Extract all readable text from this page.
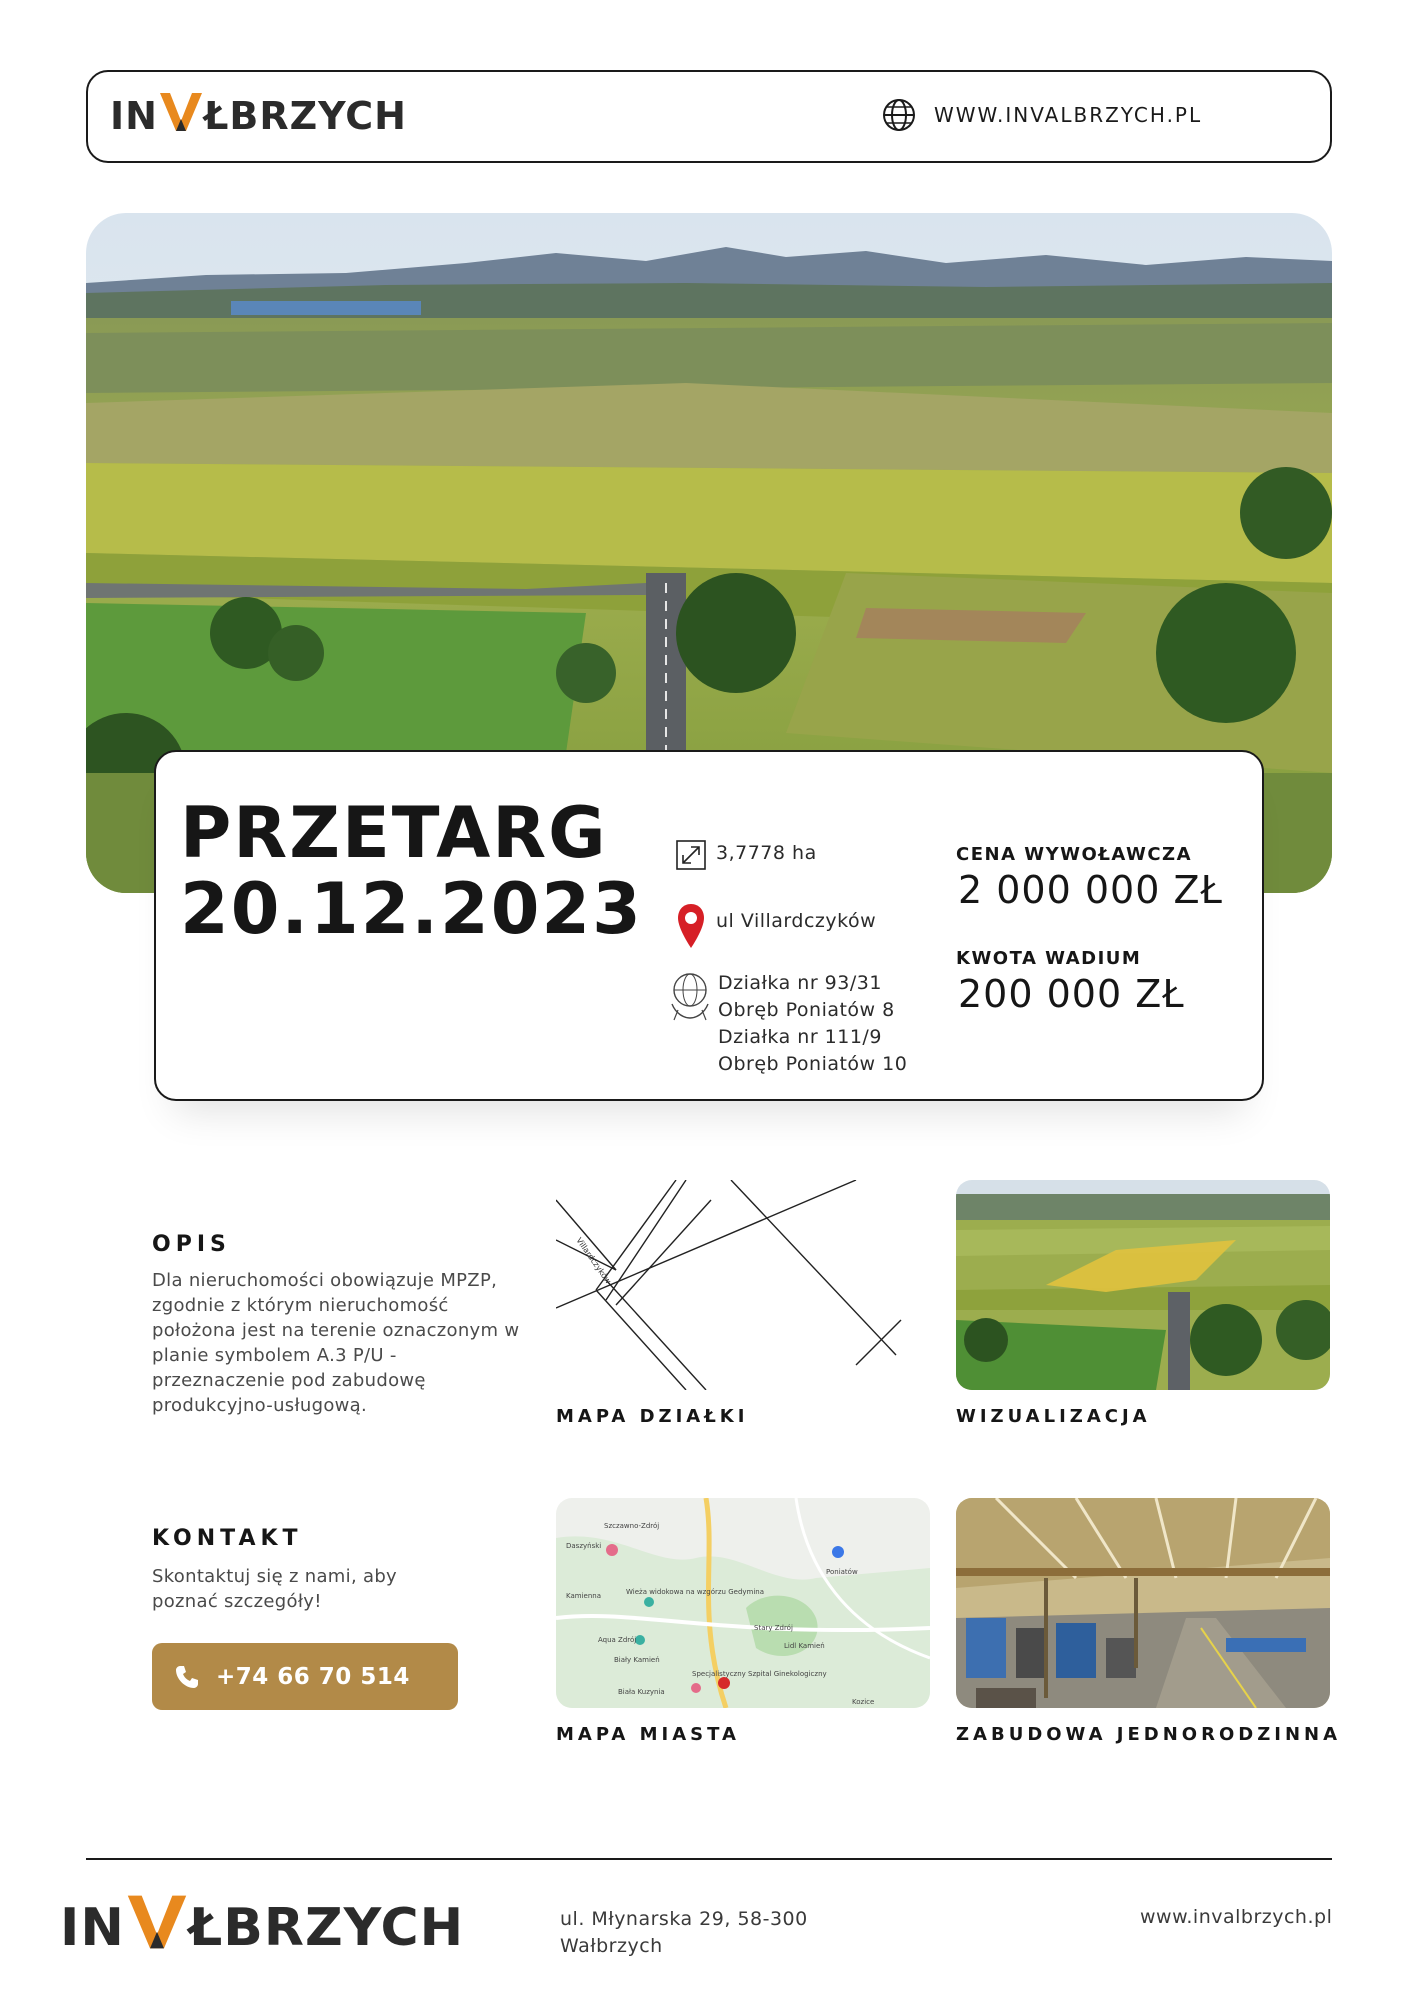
IN ŁBRZYCH	WWW.INVALBRZYCH.PL
PRZETARG
20.12.2023
3,7778 ha
ul Villardczyków
Działka nr 93/31
Obręb Poniatów 8
Działka nr 111/9
Obręb Poniatów 10
CENA WYWOŁAWCZA
2 000 000 ZŁ
KWOTA WADIUM
200 000 ZŁ
OPIS
Dla nieruchomości obowiązuje MPZP, zgodnie z którym nieruchomość położona jest na terenie oznaczonym w planie symbolem A.3 P/U - przeznaczenie pod zabudowę produkcyjno-usługową.
KONTAKT
Skontaktuj się z nami, aby poznać szczegóły!
+74 66 70 514
Villardczyków
MAPA DZIAŁKI	WIZUALIZACJA
Szczawno-Zdrój
Daszyński
Poniatów
Wieża widokowa na wzgórzu Gedymina
Stary Zdrój
Kamienna
Biały Kamień
Specjalistyczny Szpital Ginekologiczny
Biała Kuzynia
Aqua Zdrój
Lidl Kamień
Kozice
MAPA MIASTA	ZABUDOWA JEDNORODZINNA
IN ŁBRZYCH	ul. Młynarska 29, 58-300
Wałbrzych
www.invalbrzych.pl
